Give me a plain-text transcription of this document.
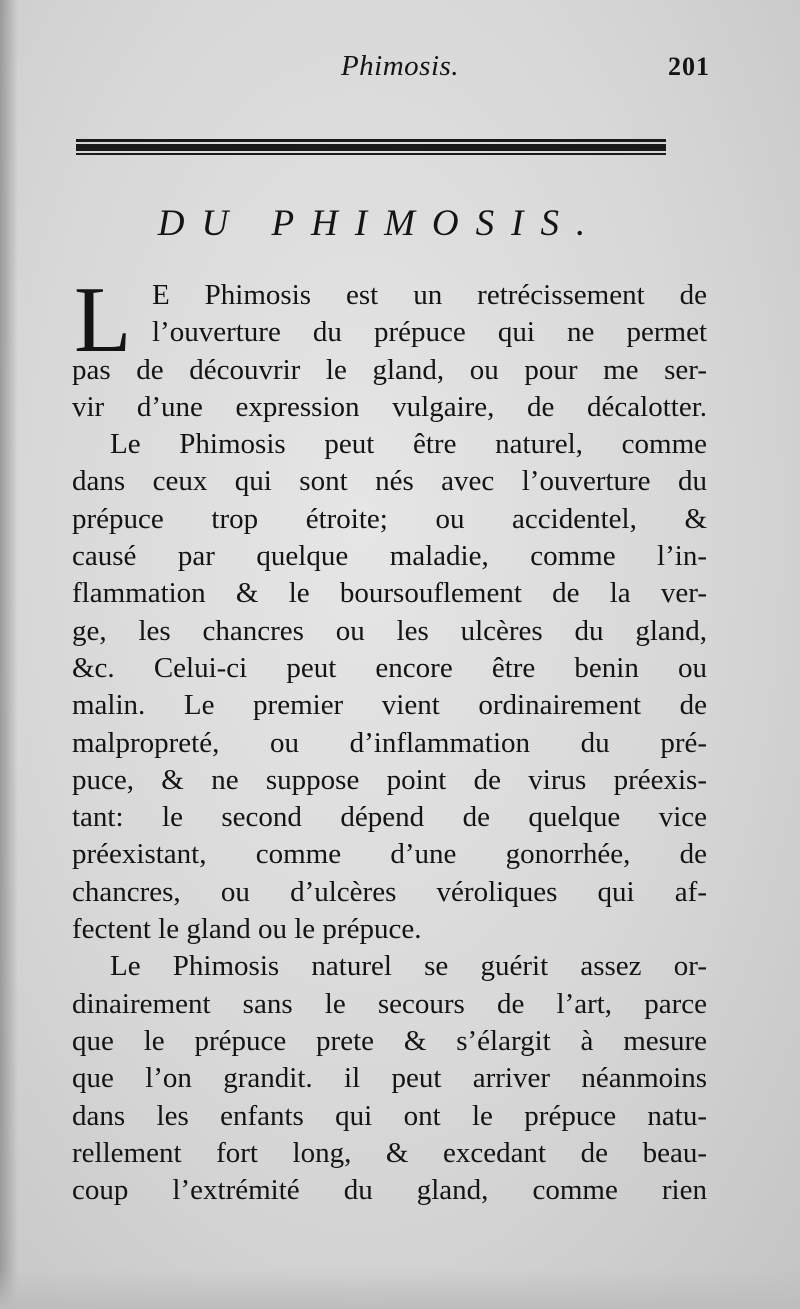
Phimosis.	201
DU PHIMOSIS.
L E Phimosis est un retrécissement de
l’ouverture du prépuce qui ne permet
pas de découvrir le gland, ou pour me ser-
vir d’une expression vulgaire, de décalotter.
Le Phimosis peut être naturel, comme
dans ceux qui sont nés avec l’ouverture du
prépuce trop étroite; ou accidentel, &
causé par quelque maladie, comme l’in-
flammation & le boursouflement de la ver-
ge, les chancres ou les ulcères du gland,
&c. Celui-ci peut encore être benin ou
malin. Le premier vient ordinairement de
malpropreté, ou d’inflammation du pré-
puce, & ne suppose point de virus préexis-
tant: le second dépend de quelque vice
préexistant, comme d’une gonorrhée, de
chancres, ou d’ulcères véroliques qui af-
fectent le gland ou le prépuce.
Le Phimosis naturel se guérit assez or-
dinairement sans le secours de l’art, parce
que le prépuce prete & s’élargit à mesure
que l’on grandit. il peut arriver néanmoins
dans les enfants qui ont le prépuce natu-
rellement fort long, & excedant de beau-
coup l’extrémité du gland, comme rien
